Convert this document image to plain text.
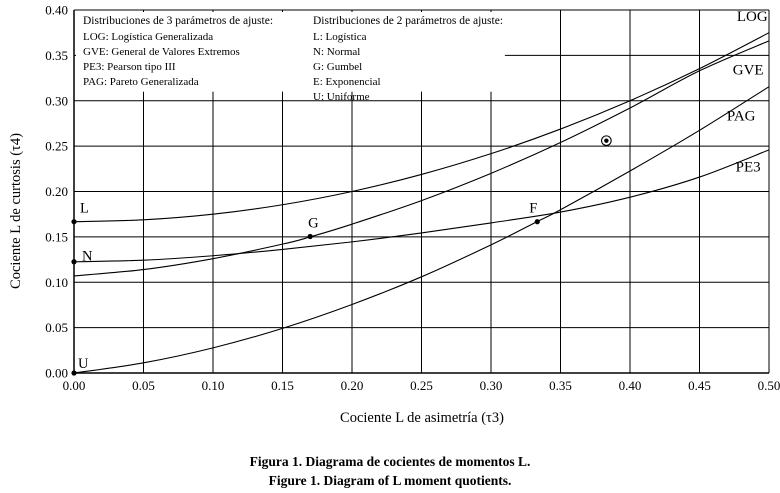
0.00	0.05	0.10	0.15	0.20	0.25	0.30	0.35	0.40	0.45	0.50
0.00
0.05
0.10
0.15
0.20
0.25
0.30
0.35
0.40
Distribuciones de 3 parámetros de ajuste:
LOG: Logística Generalizada
GVE: General de Valores Extremos
PE3: Pearson tipo III
PAG: Pareto Generalizada
Distribuciones de 2 parámetros de ajuste:
L: Logística
N: Normal
G: Gumbel
E: Exponencial
U: Uniforme
LOG
GVE
PAG
PE3
L
N
G
F
U
Cociente L de asimetría (τ3)
Cociente L de curtosis (τ4)
Figura 1. Diagrama de cocientes de momentos L.
Figure 1. Diagram of L moment quotients.
